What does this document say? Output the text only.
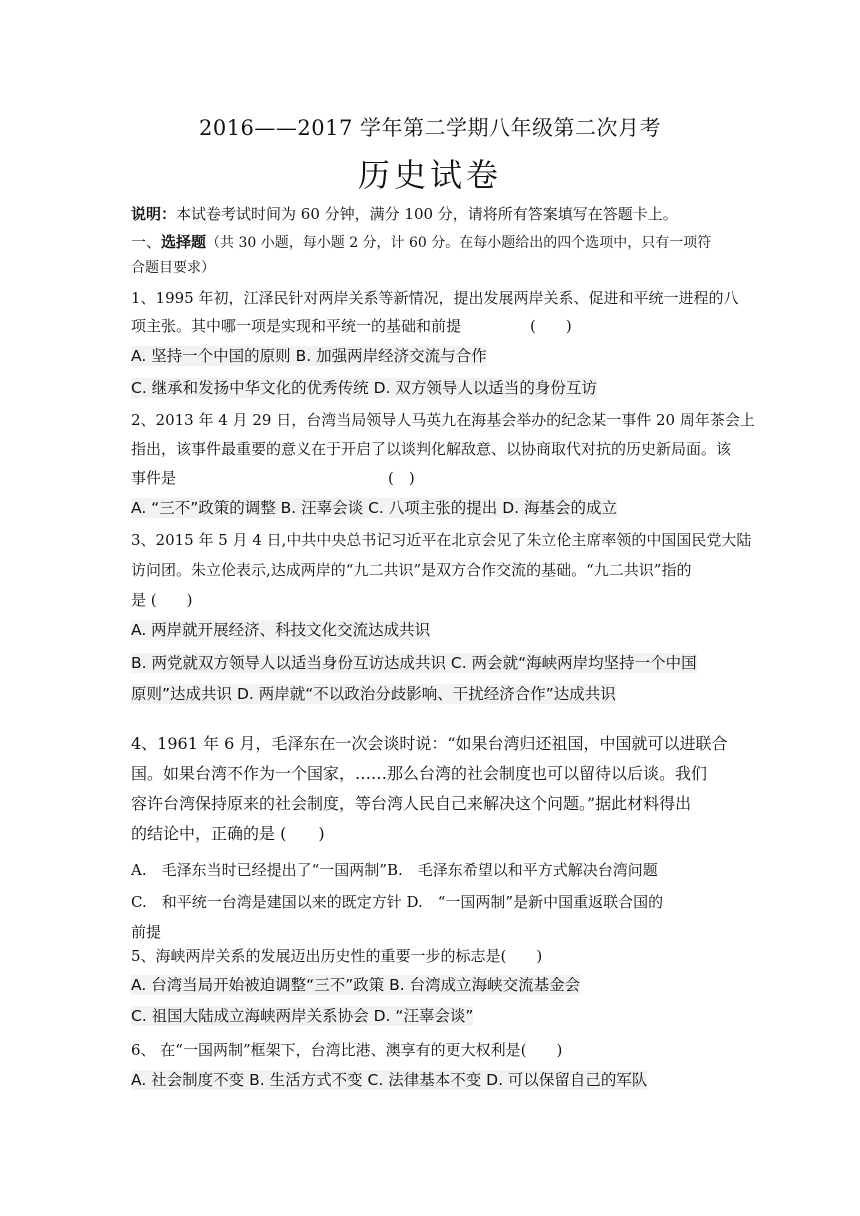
2016——2017 学年第二学期八年级第二次月考
历史试卷
说明：本试卷考试时间为 60 分钟，满分 100 分，请将所有答案填写在答题卡上。
一、选择题（共 30 小题，每小题 2 分，计 60 分。在每小题给出的四个选项中，只有一项符
合题目要求）
1、1995 年初，江泽民针对两岸关系等新情况，提出发展两岸关系、促进和平统一进程的八
项主张。其中哪一项是实现和平统一的基础和前提	(　　)
A. 坚持一个中国的原则 B. 加强两岸经济交流与合作
C. 继承和发扬中华文化的优秀传统 D. 双方领导人以适当的身份互访
2、2013 年 4 月 29 日，台湾当局领导人马英九在海基会举办的纪念某一事件 20 周年茶会上
指出，该事件最重要的意义在于开启了以谈判化解敌意、以协商取代对抗的历史新局面。该
事件是	(　)
A. “三不”政策的调整 B. 汪辜会谈 C. 八项主张的提出 D. 海基会的成立
3、2015 年 5 月 4 日,中共中央总书记习近平在北京会见了朱立伦主席率领的中国国民党大陆
访问团。朱立伦表示,达成两岸的“九二共识”是双方合作交流的基础。“九二共识”指的
是 (　　)
A. 两岸就开展经济、科技文化交流达成共识
B. 两党就双方领导人以适当身份互访达成共识 C. 两会就“海峡两岸均坚持一个中国
原则”达成共识 D. 两岸就“不以政治分歧影响、干扰经济合作”达成共识
4、1961 年 6 月，毛泽东在一次会谈时说：“如果台湾归还祖国，中国就可以进联合
国。如果台湾不作为一个国家，……那么台湾的社会制度也可以留待以后谈。我们
容许台湾保持原来的社会制度，等台湾人民自己来解决这个问题。”据此材料得出
的结论中，正确的是 (　　)
A.　毛泽东当时已经提出了“一国两制”B.　毛泽东希望以和平方式解决台湾问题
C.　和平统一台湾是建国以来的既定方针 D.　“一国两制”是新中国重返联合国的
前提
5、海峡两岸关系的发展迈出历史性的重要一步的标志是(　　)
A. 台湾当局开始被迫调整“三不”政策 B. 台湾成立海峡交流基金会
C. 祖国大陆成立海峡两岸关系协会 D. “汪辜会谈”
6、 在“一国两制”框架下，台湾比港、澳享有的更大权利是(　　)
A. 社会制度不变 B. 生活方式不变 C. 法律基本不变 D. 可以保留自己的军队
